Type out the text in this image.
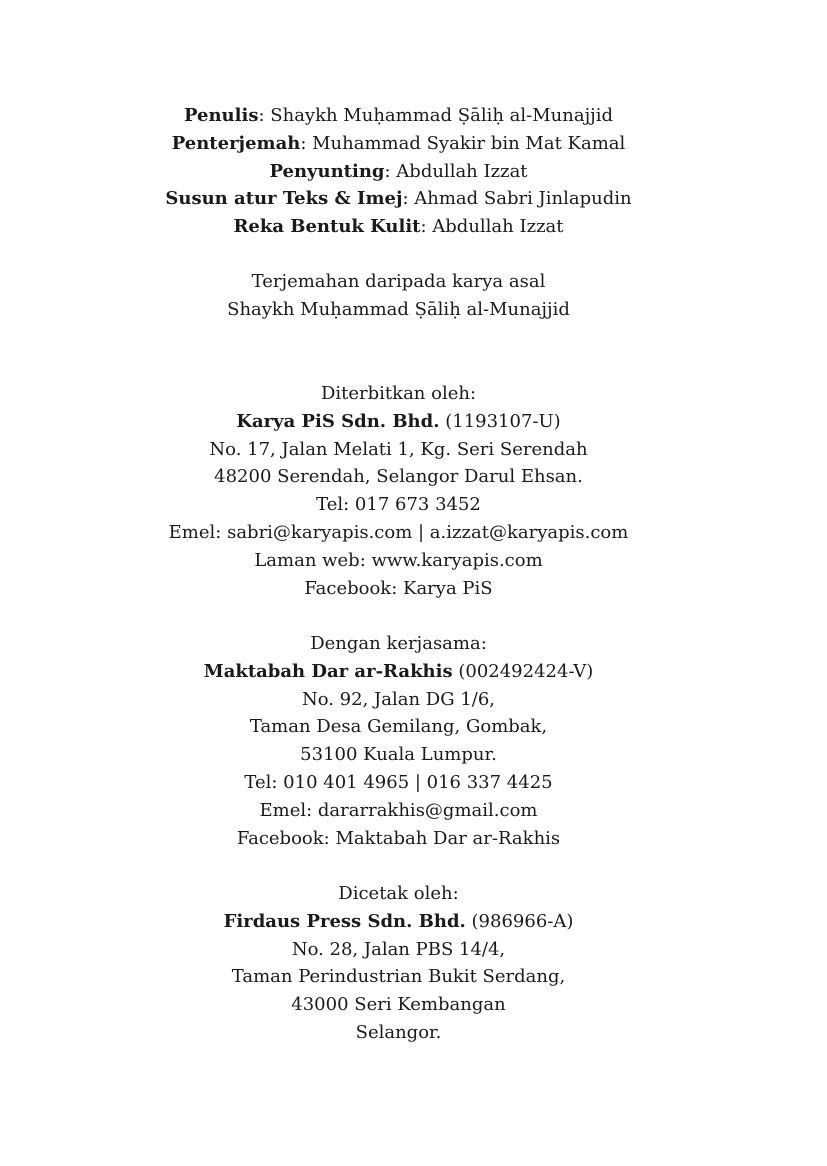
Penulis: Shaykh Muḥammad Ṣāliḥ al-Munajjid
Penterjemah: Muhammad Syakir bin Mat Kamal
Penyunting: Abdullah Izzat
Susun atur Teks & Imej: Ahmad Sabri Jinlapudin
Reka Bentuk Kulit: Abdullah Izzat
Terjemahan daripada karya asal
Shaykh Muḥammad Ṣāliḥ al-Munajjid
Diterbitkan oleh:
Karya PiS Sdn. Bhd. (1193107-U)
No. 17, Jalan Melati 1, Kg. Seri Serendah
48200 Serendah, Selangor Darul Ehsan.
Tel: 017 673 3452
Emel: sabri@karyapis.com | a.izzat@karyapis.com
Laman web: www.karyapis.com
Facebook: Karya PiS
Dengan kerjasama:
Maktabah Dar ar-Rakhis (002492424-V)
No. 92, Jalan DG 1/6,
Taman Desa Gemilang, Gombak,
53100 Kuala Lumpur.
Tel: 010 401 4965 | 016 337 4425
Emel: dararrakhis@gmail.com
Facebook: Maktabah Dar ar-Rakhis
Dicetak oleh:
Firdaus Press Sdn. Bhd. (986966-A)
No. 28, Jalan PBS 14/4,
Taman Perindustrian Bukit Serdang,
43000 Seri Kembangan
Selangor.
